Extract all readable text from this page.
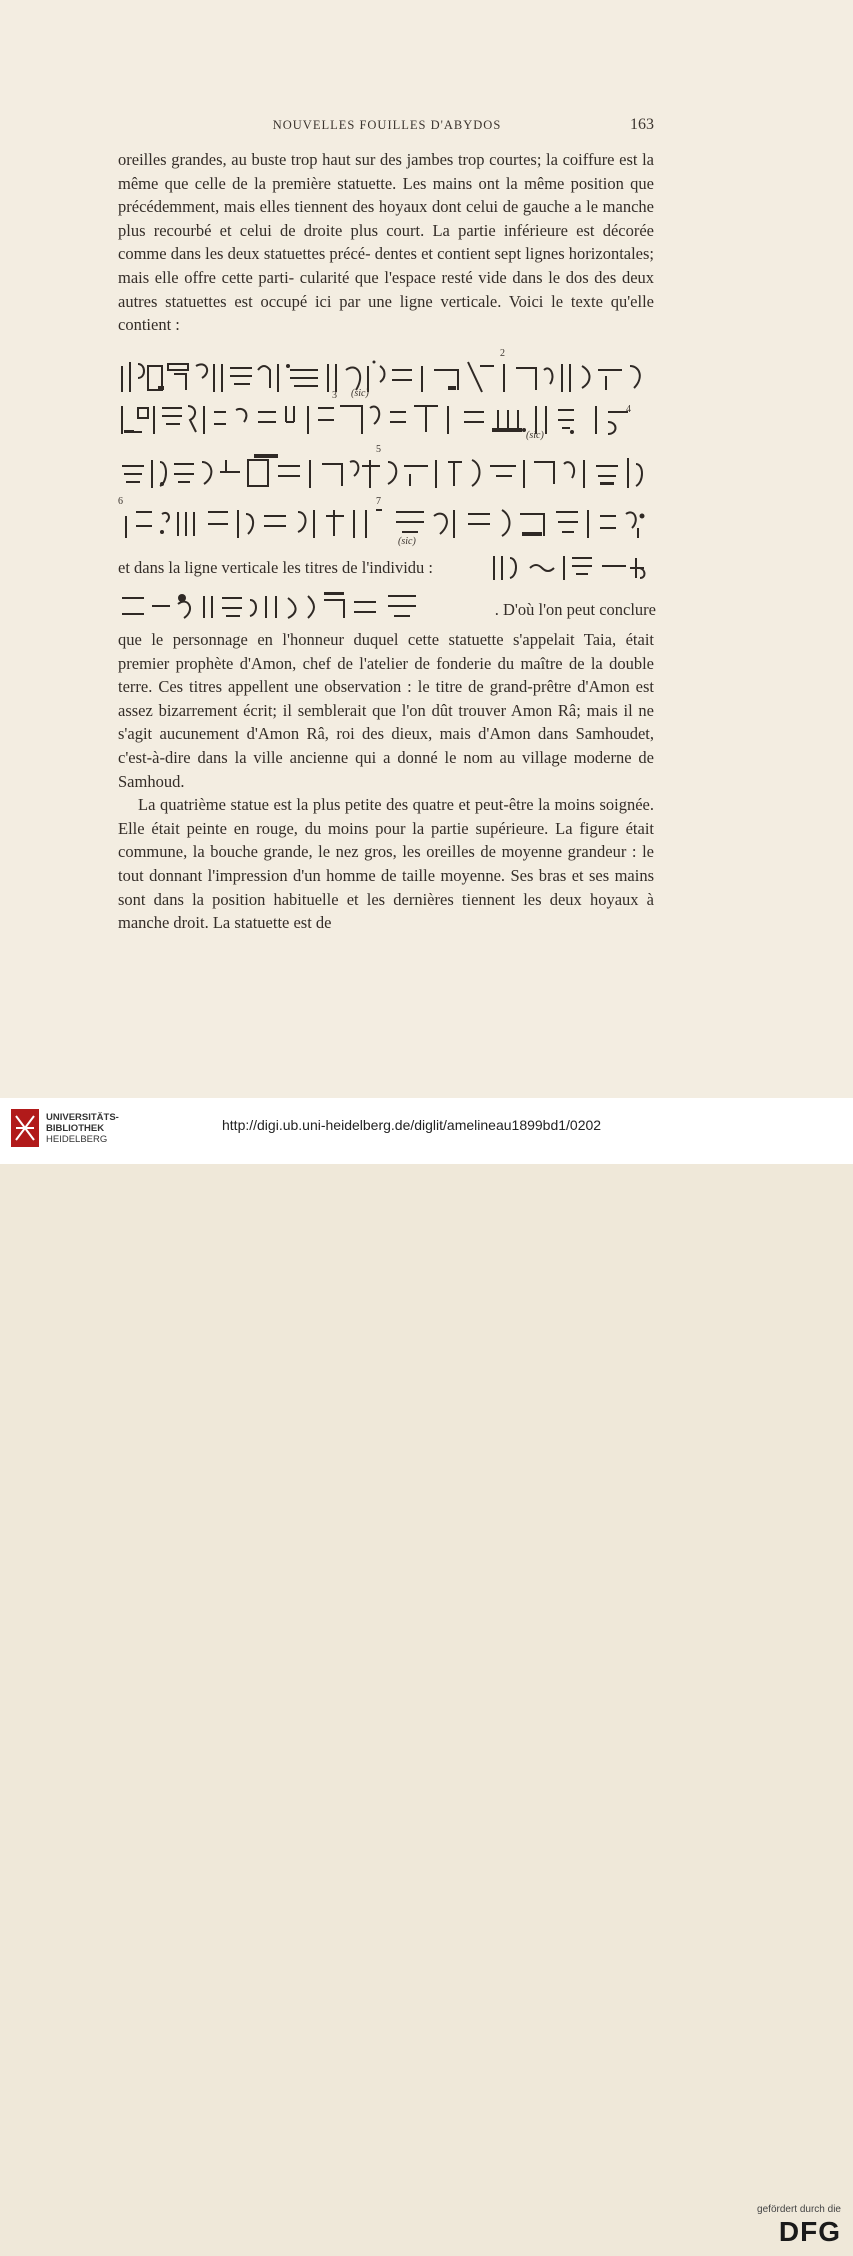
NOUVELLES FOUILLES D'ABYDOS	163

oreilles grandes, au buste trop haut sur des jambes trop courtes; la coiffure est la même que celle de la première statuette. Les mains ont la même position que précédemment, mais elles tiennent des hoyaux dont celui de gauche a le manche plus recourbé et celui de droite plus court. La partie inférieure est décorée comme dans les deux statuettes précé- dentes et contient sept lignes horizontales; mais elle offre cette parti- cularité que l'espace resté vide dans le dos des deux autres statuettes est occupé ici par une ligne verticale. Voici le texte qu'elle contient :

(sic)
2
(sic)
3
4
5
(sic)
6	7
et dans la ligne verticale les titres de l'individu :
. D'où l'on peut conclure

que le personnage en l'honneur duquel cette statuette s'appelait Taia, était premier prophète d'Amon, chef de l'atelier de fonderie du maître de la double terre. Ces titres appellent une observation : le titre de grand-prêtre d'Amon est assez bizarrement écrit; il semblerait que l'on dût trouver Amon Râ; mais il ne s'agit aucunement d'Amon Râ, roi des dieux, mais d'Amon dans Samhoudet, c'est-à-dire dans la ville ancienne qui a donné le nom au village moderne de Samhoud.

La quatrième statue est la plus petite des quatre et peut-être la moins soignée. Elle était peinte en rouge, du moins pour la partie supérieure. La figure était commune, la bouche grande, le nez gros, les oreilles de moyenne grandeur : le tout donnant l'impression d'un homme de taille moyenne. Ses bras et ses mains sont dans la position habituelle et les dernières tiennent les deux hoyaux à manche droit. La statuette est de

UNIVERSITÄTS-
BIBLIOTHEK
HEIDELBERG
gefördert durch die
DFG
http://digi.ub.uni-heidelberg.de/diglit/amelineau1899bd1/0202
